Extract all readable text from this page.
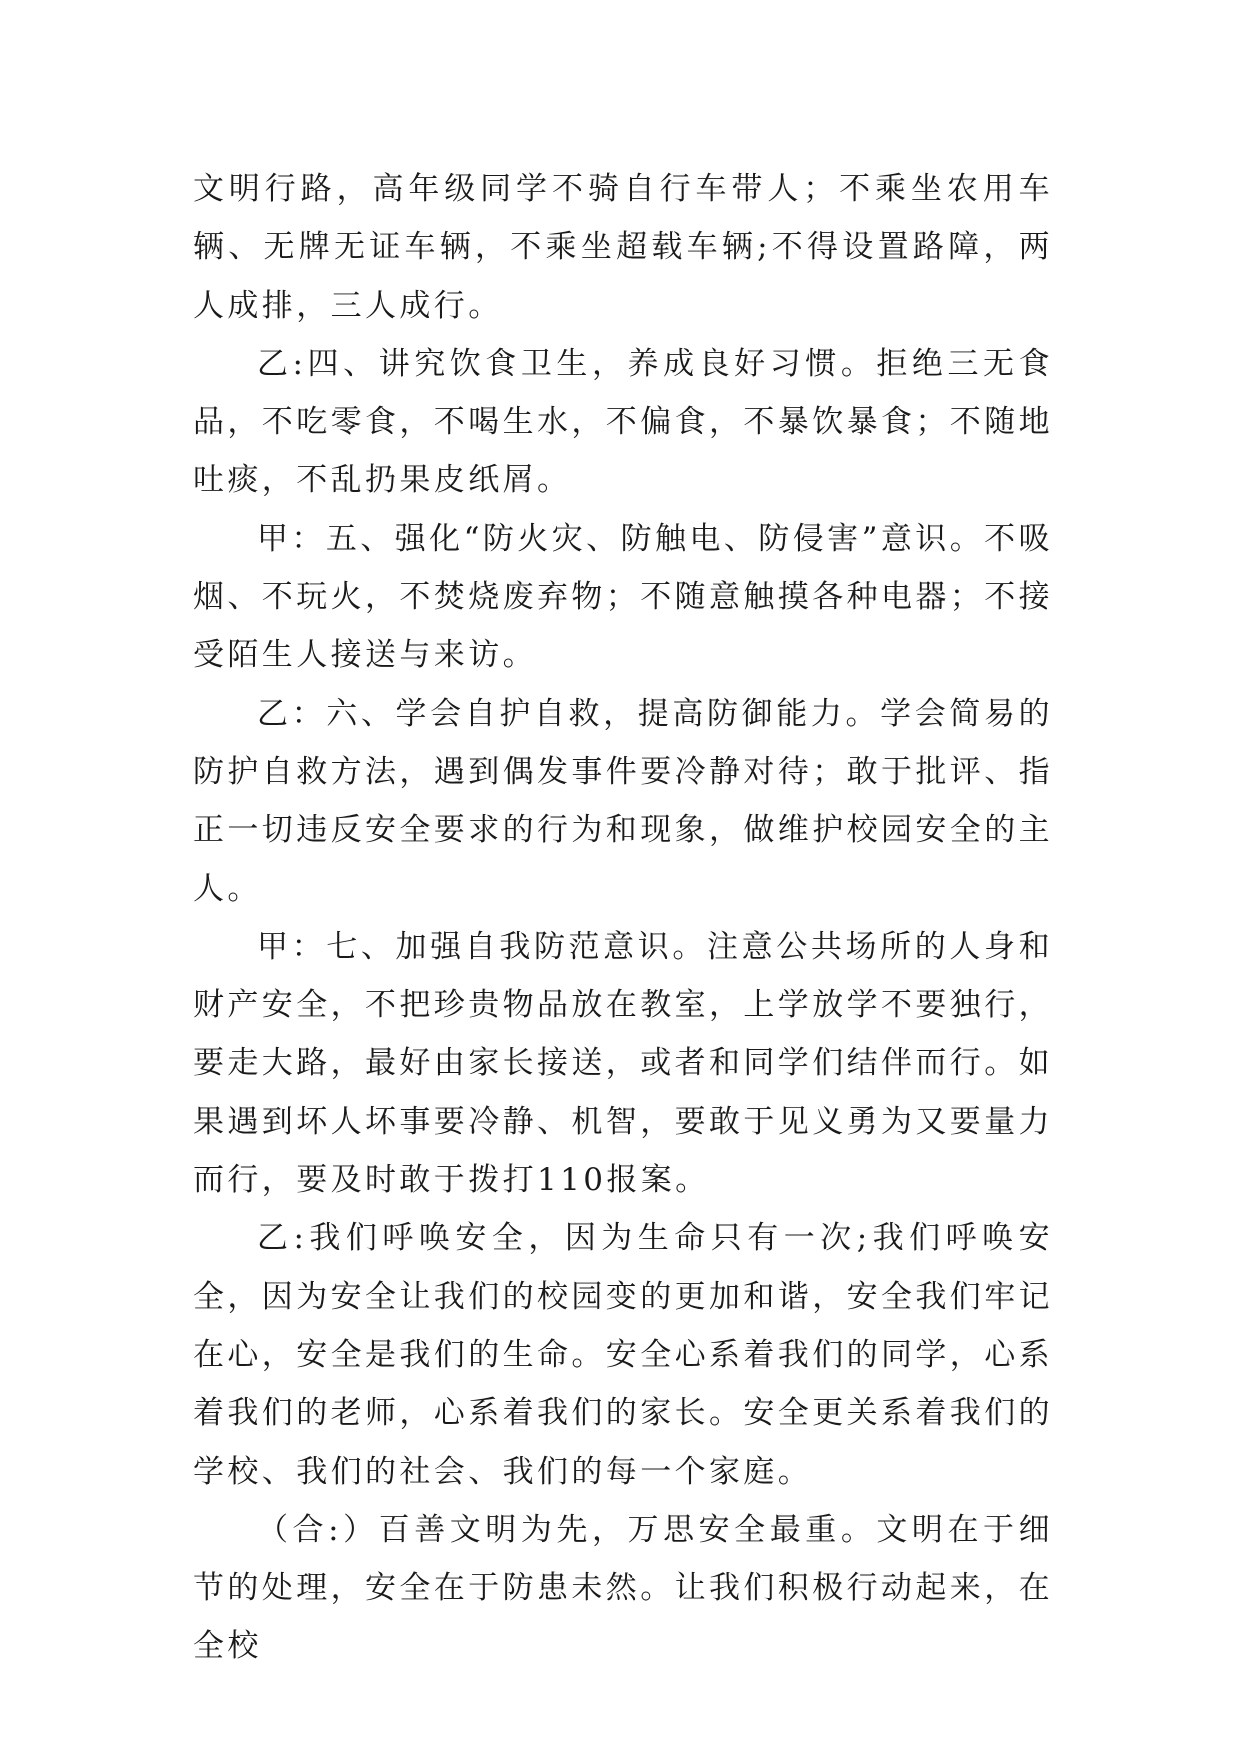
文明行路，高年级同学不骑自行车带人；不乘坐农用车辆、无牌无证车辆，不乘坐超载车辆;不得设置路障，两人成排，三人成行。

乙:四、讲究饮食卫生，养成良好习惯。拒绝三无食品，不吃零食，不喝生水，不偏食，不暴饮暴食；不随地吐痰，不乱扔果皮纸屑。

甲：五、强化“防火灾、防触电、防侵害”意识。不吸烟、不玩火，不焚烧废弃物；不随意触摸各种电器；不接受陌生人接送与来访。

乙：六、学会自护自救，提高防御能力。学会简易的防护自救方法，遇到偶发事件要冷静对待；敢于批评、指正一切违反安全要求的行为和现象，做维护校园安全的主人。

甲：七、加强自我防范意识。注意公共场所的人身和财产安全，不把珍贵物品放在教室，上学放学不要独行，要走大路，最好由家长接送，或者和同学们结伴而行。如果遇到坏人坏事要冷静、机智，要敢于见义勇为又要量力而行，要及时敢于拨打110报案。

乙:我们呼唤安全，因为生命只有一次;我们呼唤安全，因为安全让我们的校园变的更加和谐，安全我们牢记在心，安全是我们的生命。安全心系着我们的同学，心系着我们的老师，心系着我们的家长。安全更关系着我们的学校、我们的社会、我们的每一个家庭。

（合:）百善文明为先，万思安全最重。文明在于细节的处理，安全在于防患未然。让我们积极行动起来，在全校
